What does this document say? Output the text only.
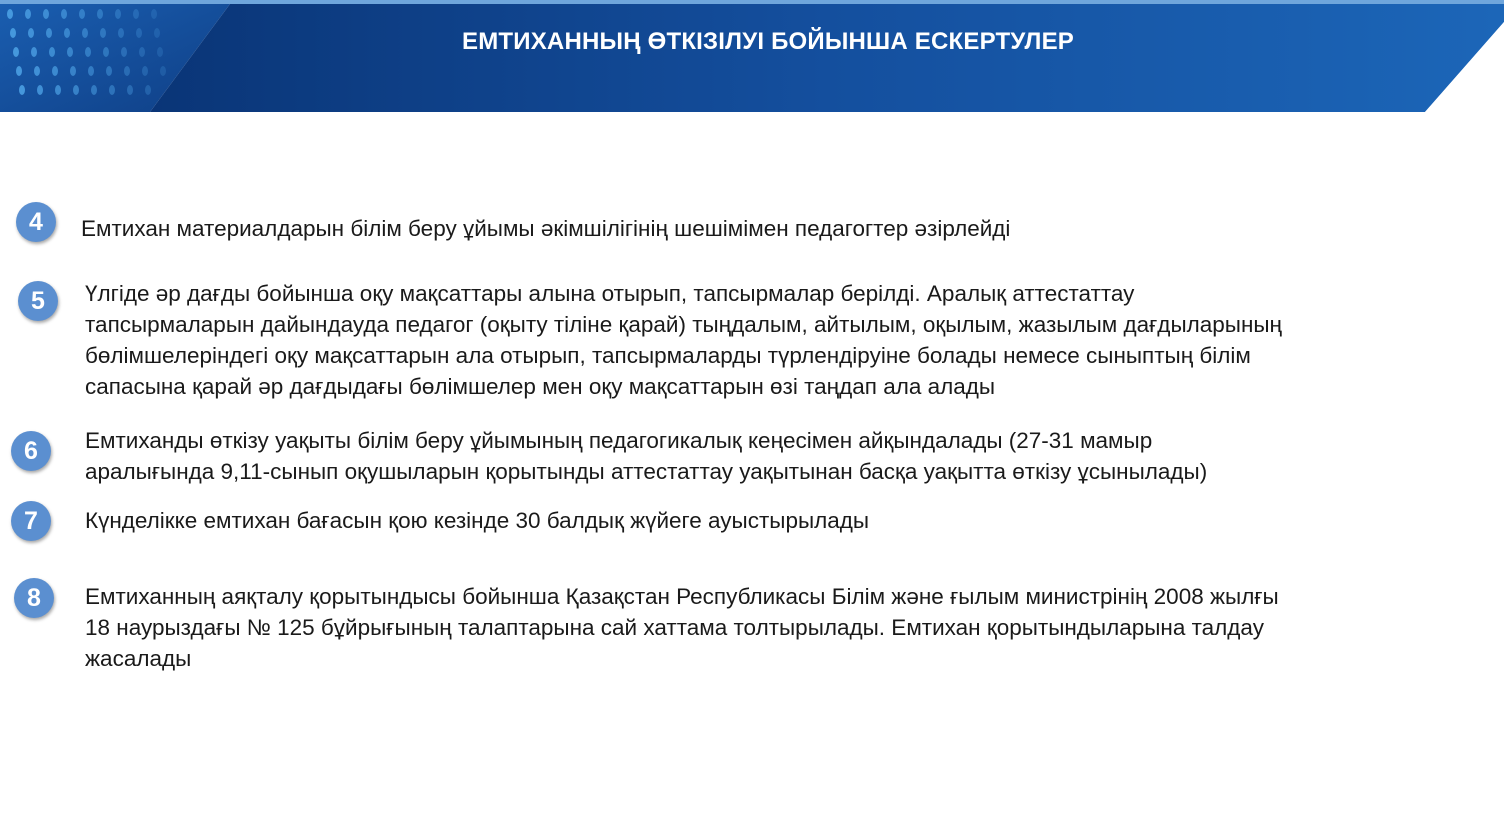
ЕМТИХАННЫҢ ӨТКІЗІЛУІ БОЙЫНША ЕСКЕРТУЛЕР
4	Емтихан материалдарын білім беру ұйымы әкімшілігінің шешімімен педагогтер әзірлейді
5	Үлгіде әр дағды бойынша оқу мақсаттары алына отырып, тапсырмалар берілді. Аралық аттестаттау
тапсырмаларын дайындауда педагог (оқыту тіліне қарай) тыңдалым, айтылым, оқылым, жазылым дағдыларының
бөлімшелеріндегі оқу мақсаттарын ала отырып, тапсырмаларды түрлендіруіне болады немесе сыныптың білім
сапасына қарай әр дағдыдағы бөлімшелер мен оқу мақсаттарын өзі таңдап ала алады
6	Емтиханды өткізу уақыты білім беру ұйымының педагогикалық кеңесімен айқындалады (27-31 мамыр
аралығында 9,11-сынып оқушыларын қорытынды аттестаттау уақытынан басқа уақытта өткізу ұсынылады)
7	Күнделікке емтихан бағасын қою кезінде 30 балдық жүйеге ауыстырылады
8	Емтиханның аяқталу қорытындысы бойынша Қазақстан Республикасы Білім және ғылым министрінің 2008 жылғы
18 наурыздағы № 125 бұйрығының талаптарына сай хаттама толтырылады. Емтихан қорытындыларына талдау
жасалады
